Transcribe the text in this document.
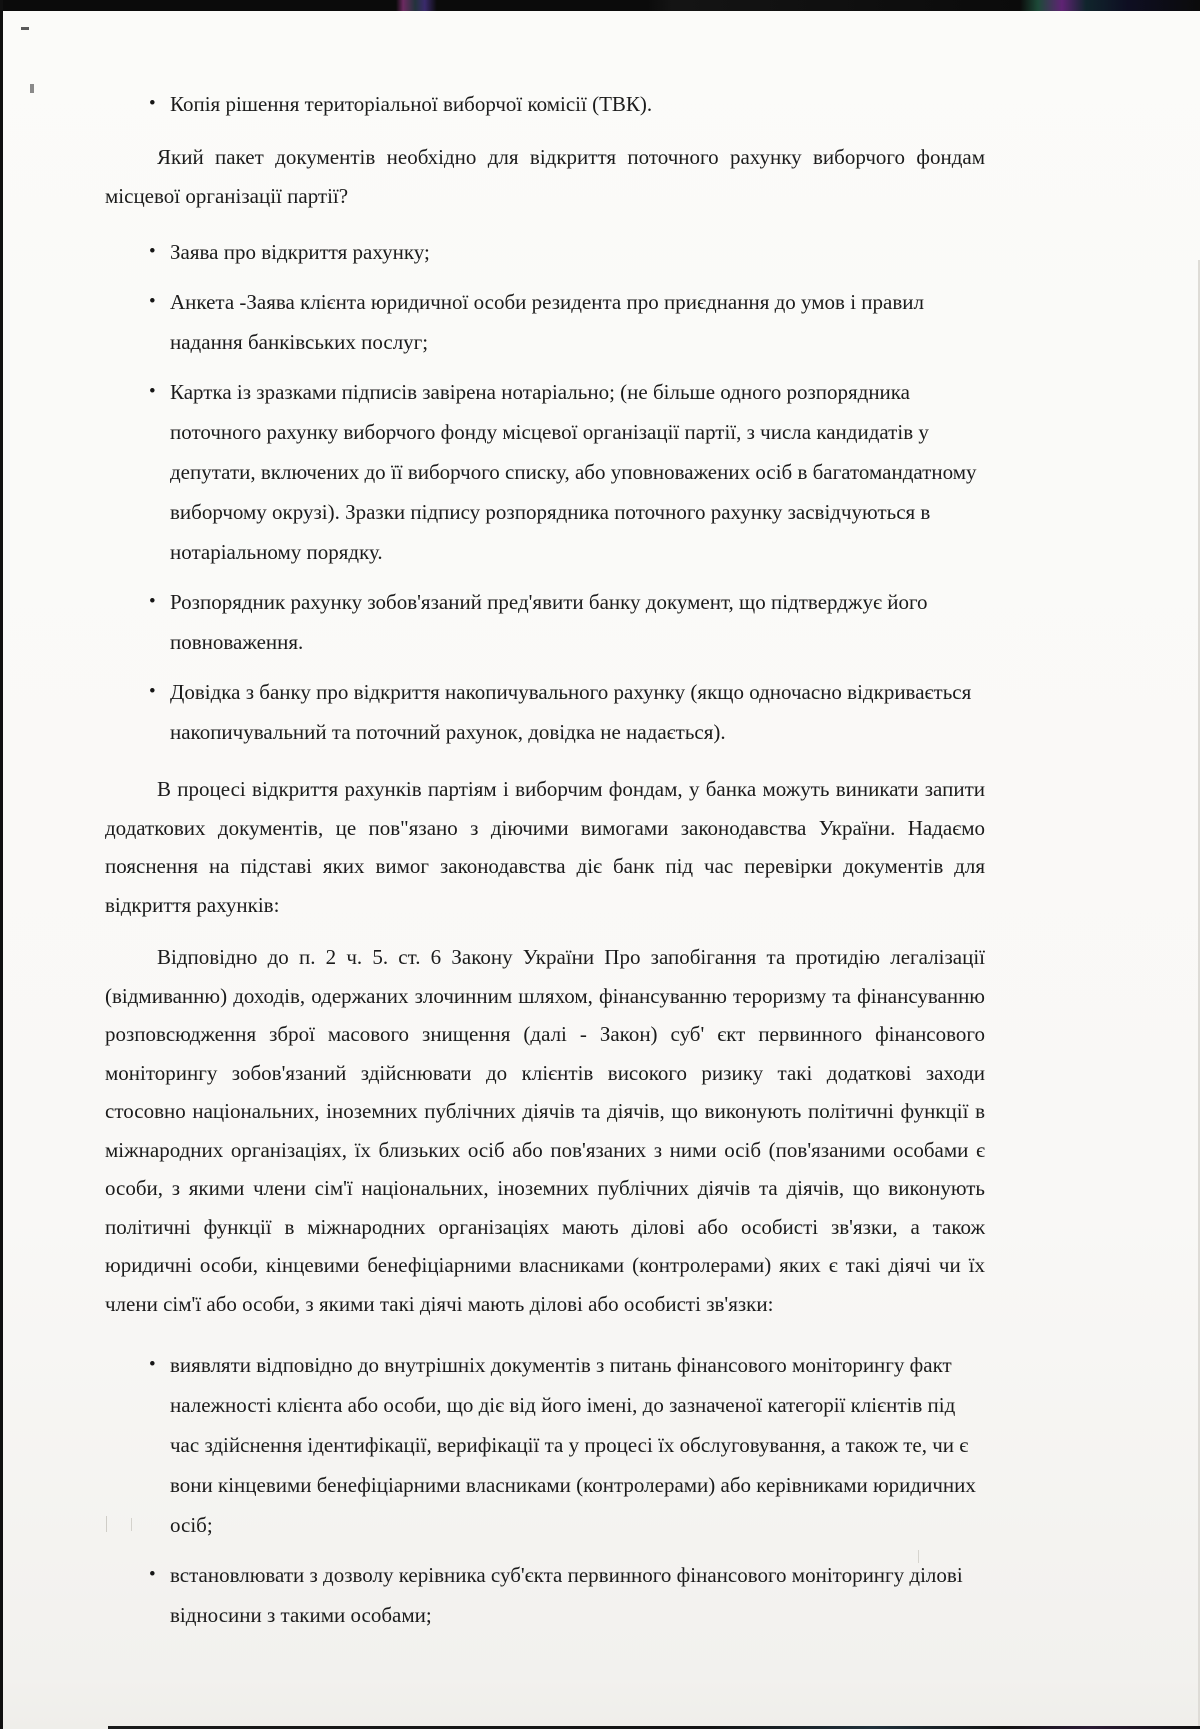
Копія рішення територіальної виборчої комісії (ТВК).

Який пакет документів необхідно для відкриття поточного рахунку виборчого фондам місцевої організації партії?

Заява про відкриття рахунку;
Анкета -Заява клієнта юридичної особи резидента про приєднання до умов і правил надання банківських послуг;
Картка із зразками підписів завірена нотаріально; (не більше одного розпорядника поточного рахунку виборчого фонду місцевої організації партії, з числа кандидатів у депутати, включених до її виборчого списку, або уповноважених осіб в багатомандатному виборчому окрузі). Зразки підпису розпорядника поточного рахунку засвідчуються в нотаріальному порядку.
Розпорядник рахунку зобов'язаний пред'явити банку документ, що підтверджує його повноваження.
Довідка з банку про відкриття накопичувального рахунку (якщо одночасно відкривається накопичувальний та поточний рахунок, довідка не надається).

В процесі відкриття рахунків партіям і виборчим фондам, у банка можуть виникати запити додаткових документів, це пов"язано з діючими вимогами законодавства України. Надаємо пояснення на підставі яких вимог законодавства діє банк під час перевірки документів для відкриття рахунків:

Відповідно до п. 2 ч. 5. ст. 6 Закону України Про запобігання та протидію легалізації (відмиванню) доходів, одержаних злочинним шляхом, фінансуванню тероризму та фінансуванню розповсюдження зброї масового знищення (далі - Закон) суб' єкт первинного фінансового моніторингу зобов'язаний здійснювати до клієнтів високого ризику такі додаткові заходи стосовно національних, іноземних публічних діячів та діячів, що виконують політичні функції в міжнародних організаціях, їх близьких осіб або пов'язаних з ними осіб (пов'язаними особами є особи, з якими члени сім'ї національних, іноземних публічних діячів та діячів, що виконують політичні функції в міжнародних організаціях мають ділові або особисті зв'язки, а також юридичні особи, кінцевими бенефіціарними власниками (контролерами) яких є такі діячі чи їх члени сім'ї або особи, з якими такі діячі мають ділові або особисті зв'язки:

виявляти відповідно до внутрішніх документів з питань фінансового моніторингу факт належності клієнта або особи, що діє від його імені, до зазначеної категорії клієнтів під час здійснення ідентифікації, верифікації та у процесі їх обслуговування, а також те, чи є вони кінцевими бенефіціарними власниками (контролерами) або керівниками юридичних осіб;
встановлювати з дозволу керівника суб'єкта первинного фінансового моніторингу ділові відносини з такими особами;
